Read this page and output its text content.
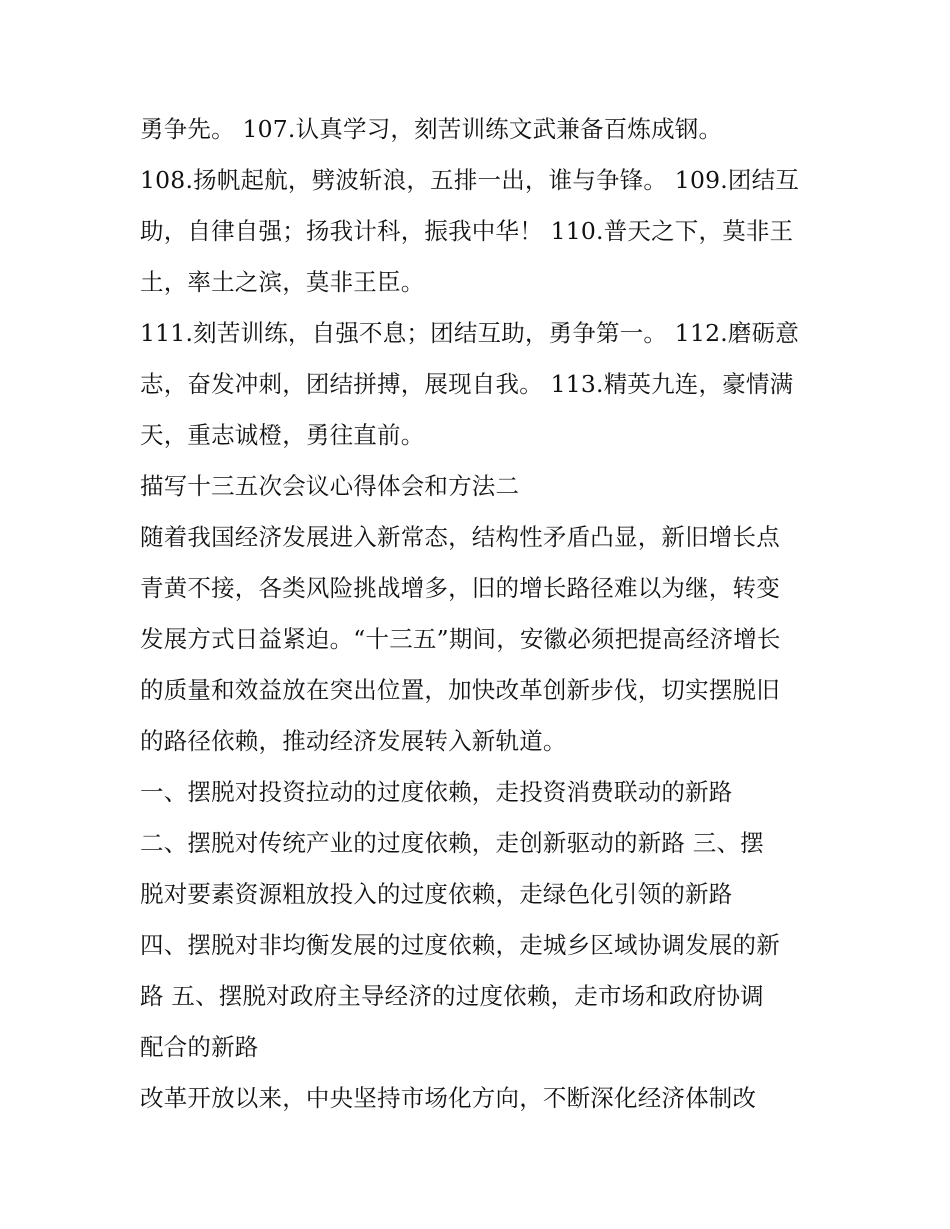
勇争先。 107.认真学习，刻苦训练文武兼备百炼成钢。
108.扬帆起航，劈波斩浪，五排一出，谁与争锋。 109.团结互
助，自律自强；扬我计科，振我中华！ 110.普天之下，莫非王
土，率土之滨，莫非王臣。
111.刻苦训练，自强不息；团结互助，勇争第一。 112.磨砺意
志，奋发冲刺，团结拼搏，展现自我。 113.精英九连，豪情满
天，重志诚橙，勇往直前。
描写十三五次会议心得体会和方法二
随着我国经济发展进入新常态，结构性矛盾凸显，新旧增长点
青黄不接，各类风险挑战增多，旧的增长路径难以为继，转变
发展方式日益紧迫。“十三五”期间，安徽必须把提高经济增长
的质量和效益放在突出位置，加快改革创新步伐，切实摆脱旧
的路径依赖，推动经济发展转入新轨道。
一、摆脱对投资拉动的过度依赖，走投资消费联动的新路
二、摆脱对传统产业的过度依赖，走创新驱动的新路 三、摆
脱对要素资源粗放投入的过度依赖，走绿色化引领的新路
四、摆脱对非均衡发展的过度依赖，走城乡区域协调发展的新
路 五、摆脱对政府主导经济的过度依赖，走市场和政府协调
配合的新路
改革开放以来，中央坚持市场化方向，不断深化经济体制改
